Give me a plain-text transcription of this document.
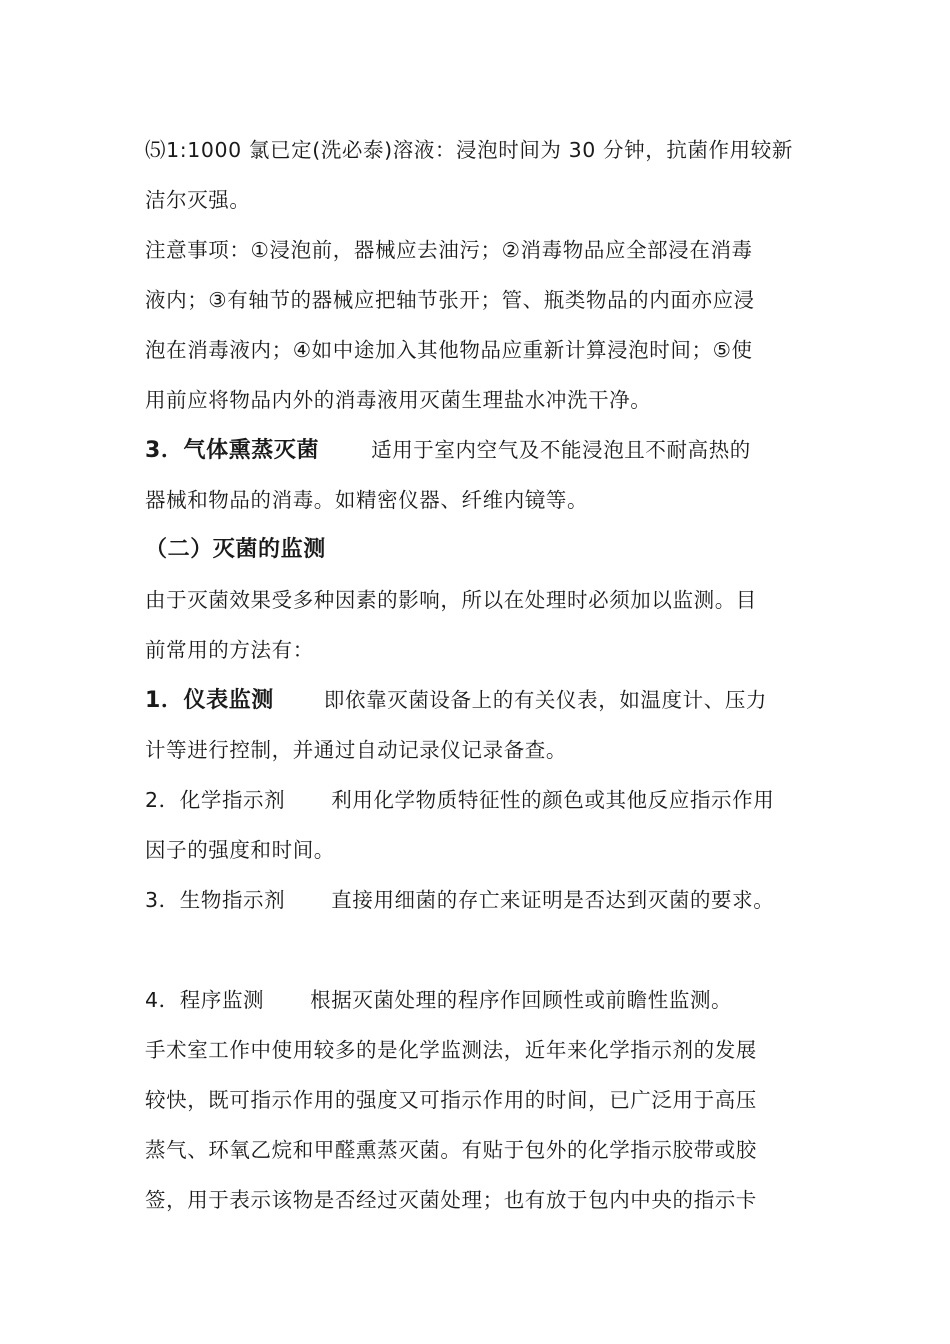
⑸1:1000 氯已定(洗必泰)溶液：浸泡时间为 30 分钟，抗菌作用较新
洁尔灭强。
注意事项：①浸泡前，器械应去油污；②消毒物品应全部浸在消毒
液内；③有轴节的器械应把轴节张开；管、瓶类物品的内面亦应浸
泡在消毒液内；④如中途加入其他物品应重新计算浸泡时间；⑤使
用前应将物品内外的消毒液用灭菌生理盐水冲洗干净。
3．气体熏蒸灭菌	适用于室内空气及不能浸泡且不耐高热的
器械和物品的消毒。如精密仪器、纤维内镜等。
（二）灭菌的监测
由于灭菌效果受多种因素的影响，所以在处理时必须加以监测。目
前常用的方法有：
1．仪表监测 即依靠灭菌设备上的有关仪表，如温度计、压力
计等进行控制，并通过自动记录仪记录备查。
2．化学指示剂 利用化学物质特征性的颜色或其他反应指示作用
因子的强度和时间。
3．生物指示剂 直接用细菌的存亡来证明是否达到灭菌的要求。
4．程序监测 根据灭菌处理的程序作回顾性或前瞻性监测。
手术室工作中使用较多的是化学监测法，近年来化学指示剂的发展
较快，既可指示作用的强度又可指示作用的时间，已广泛用于高压
蒸气、环氧乙烷和甲醛熏蒸灭菌。有贴于包外的化学指示胶带或胶
签，用于表示该物是否经过灭菌处理；也有放于包内中央的指示卡
